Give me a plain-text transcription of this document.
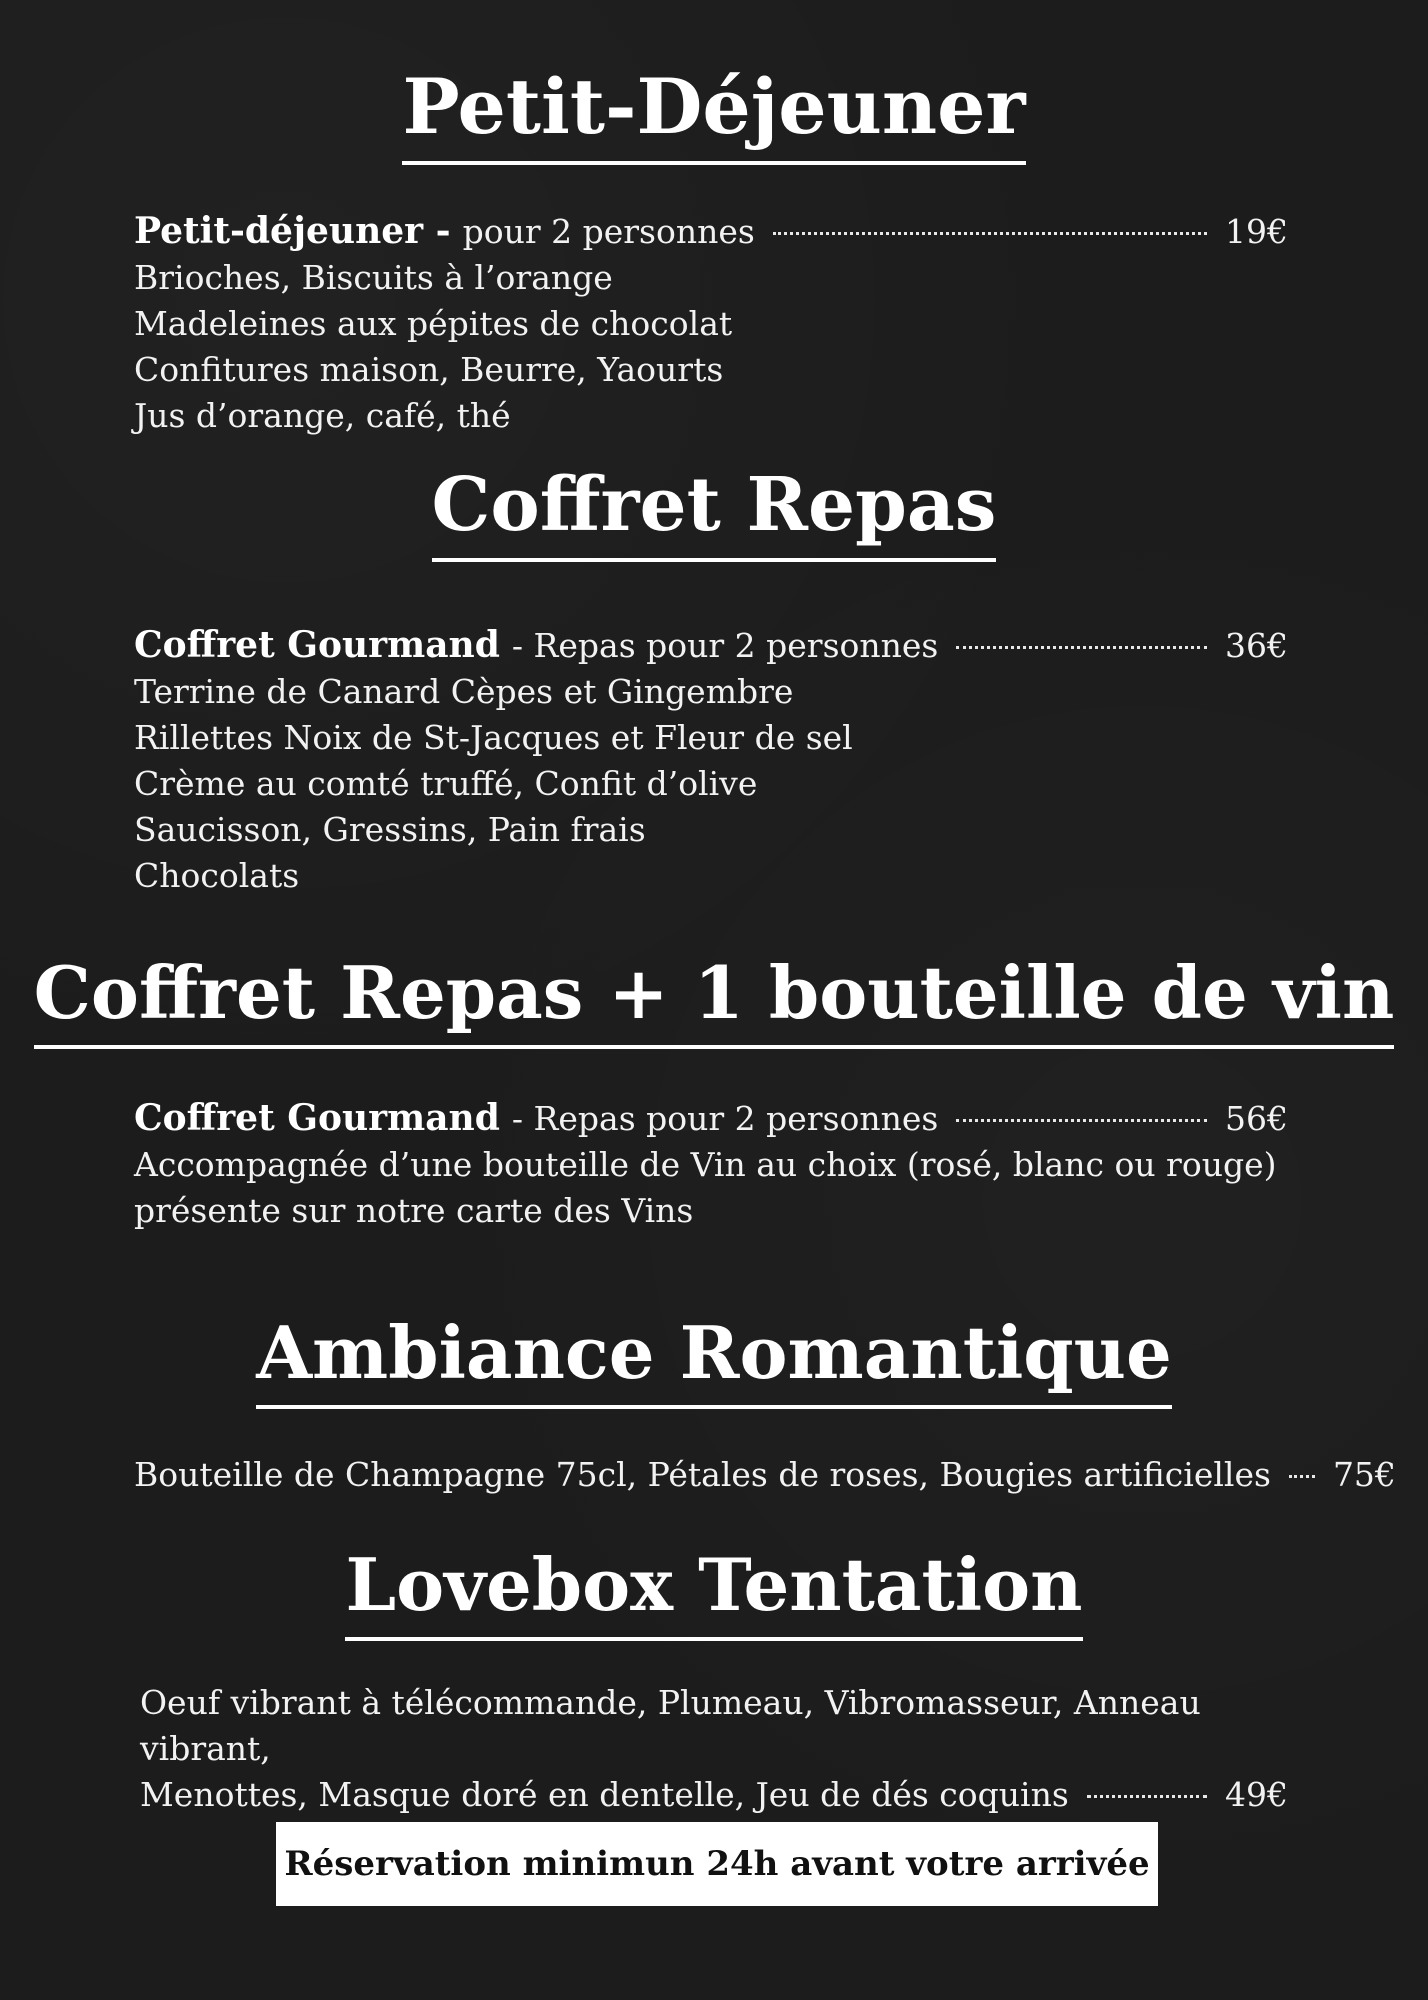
Petit-Déjeuner
Petit-déjeuner - pour 2 personnes	19€
Brioches, Biscuits à l’orange
Madeleines aux pépites de chocolat
Confitures maison, Beurre, Yaourts
Jus d’orange, café, thé
Coffret Repas
Coffret Gourmand - Repas pour 2 personnes	36€
Terrine de Canard Cèpes et Gingembre
Rillettes Noix de St-Jacques et Fleur de sel
Crème au comté truffé, Confit d’olive
Saucisson, Gressins, Pain frais
Chocolats
Coffret Repas + 1 bouteille de vin
Coffret Gourmand - Repas pour 2 personnes	56€
Accompagnée d’une bouteille de Vin au choix (rosé, blanc ou rouge)
présente sur notre carte des Vins
Ambiance Romantique
Bouteille de Champagne 75cl, Pétales de roses, Bougies artificielles 75€
Lovebox Tentation
Oeuf vibrant à télécommande, Plumeau, Vibromasseur, Anneau vibrant,
Menottes, Masque doré en dentelle, Jeu de dés coquins	49€
Réservation minimun 24h avant votre arrivée
